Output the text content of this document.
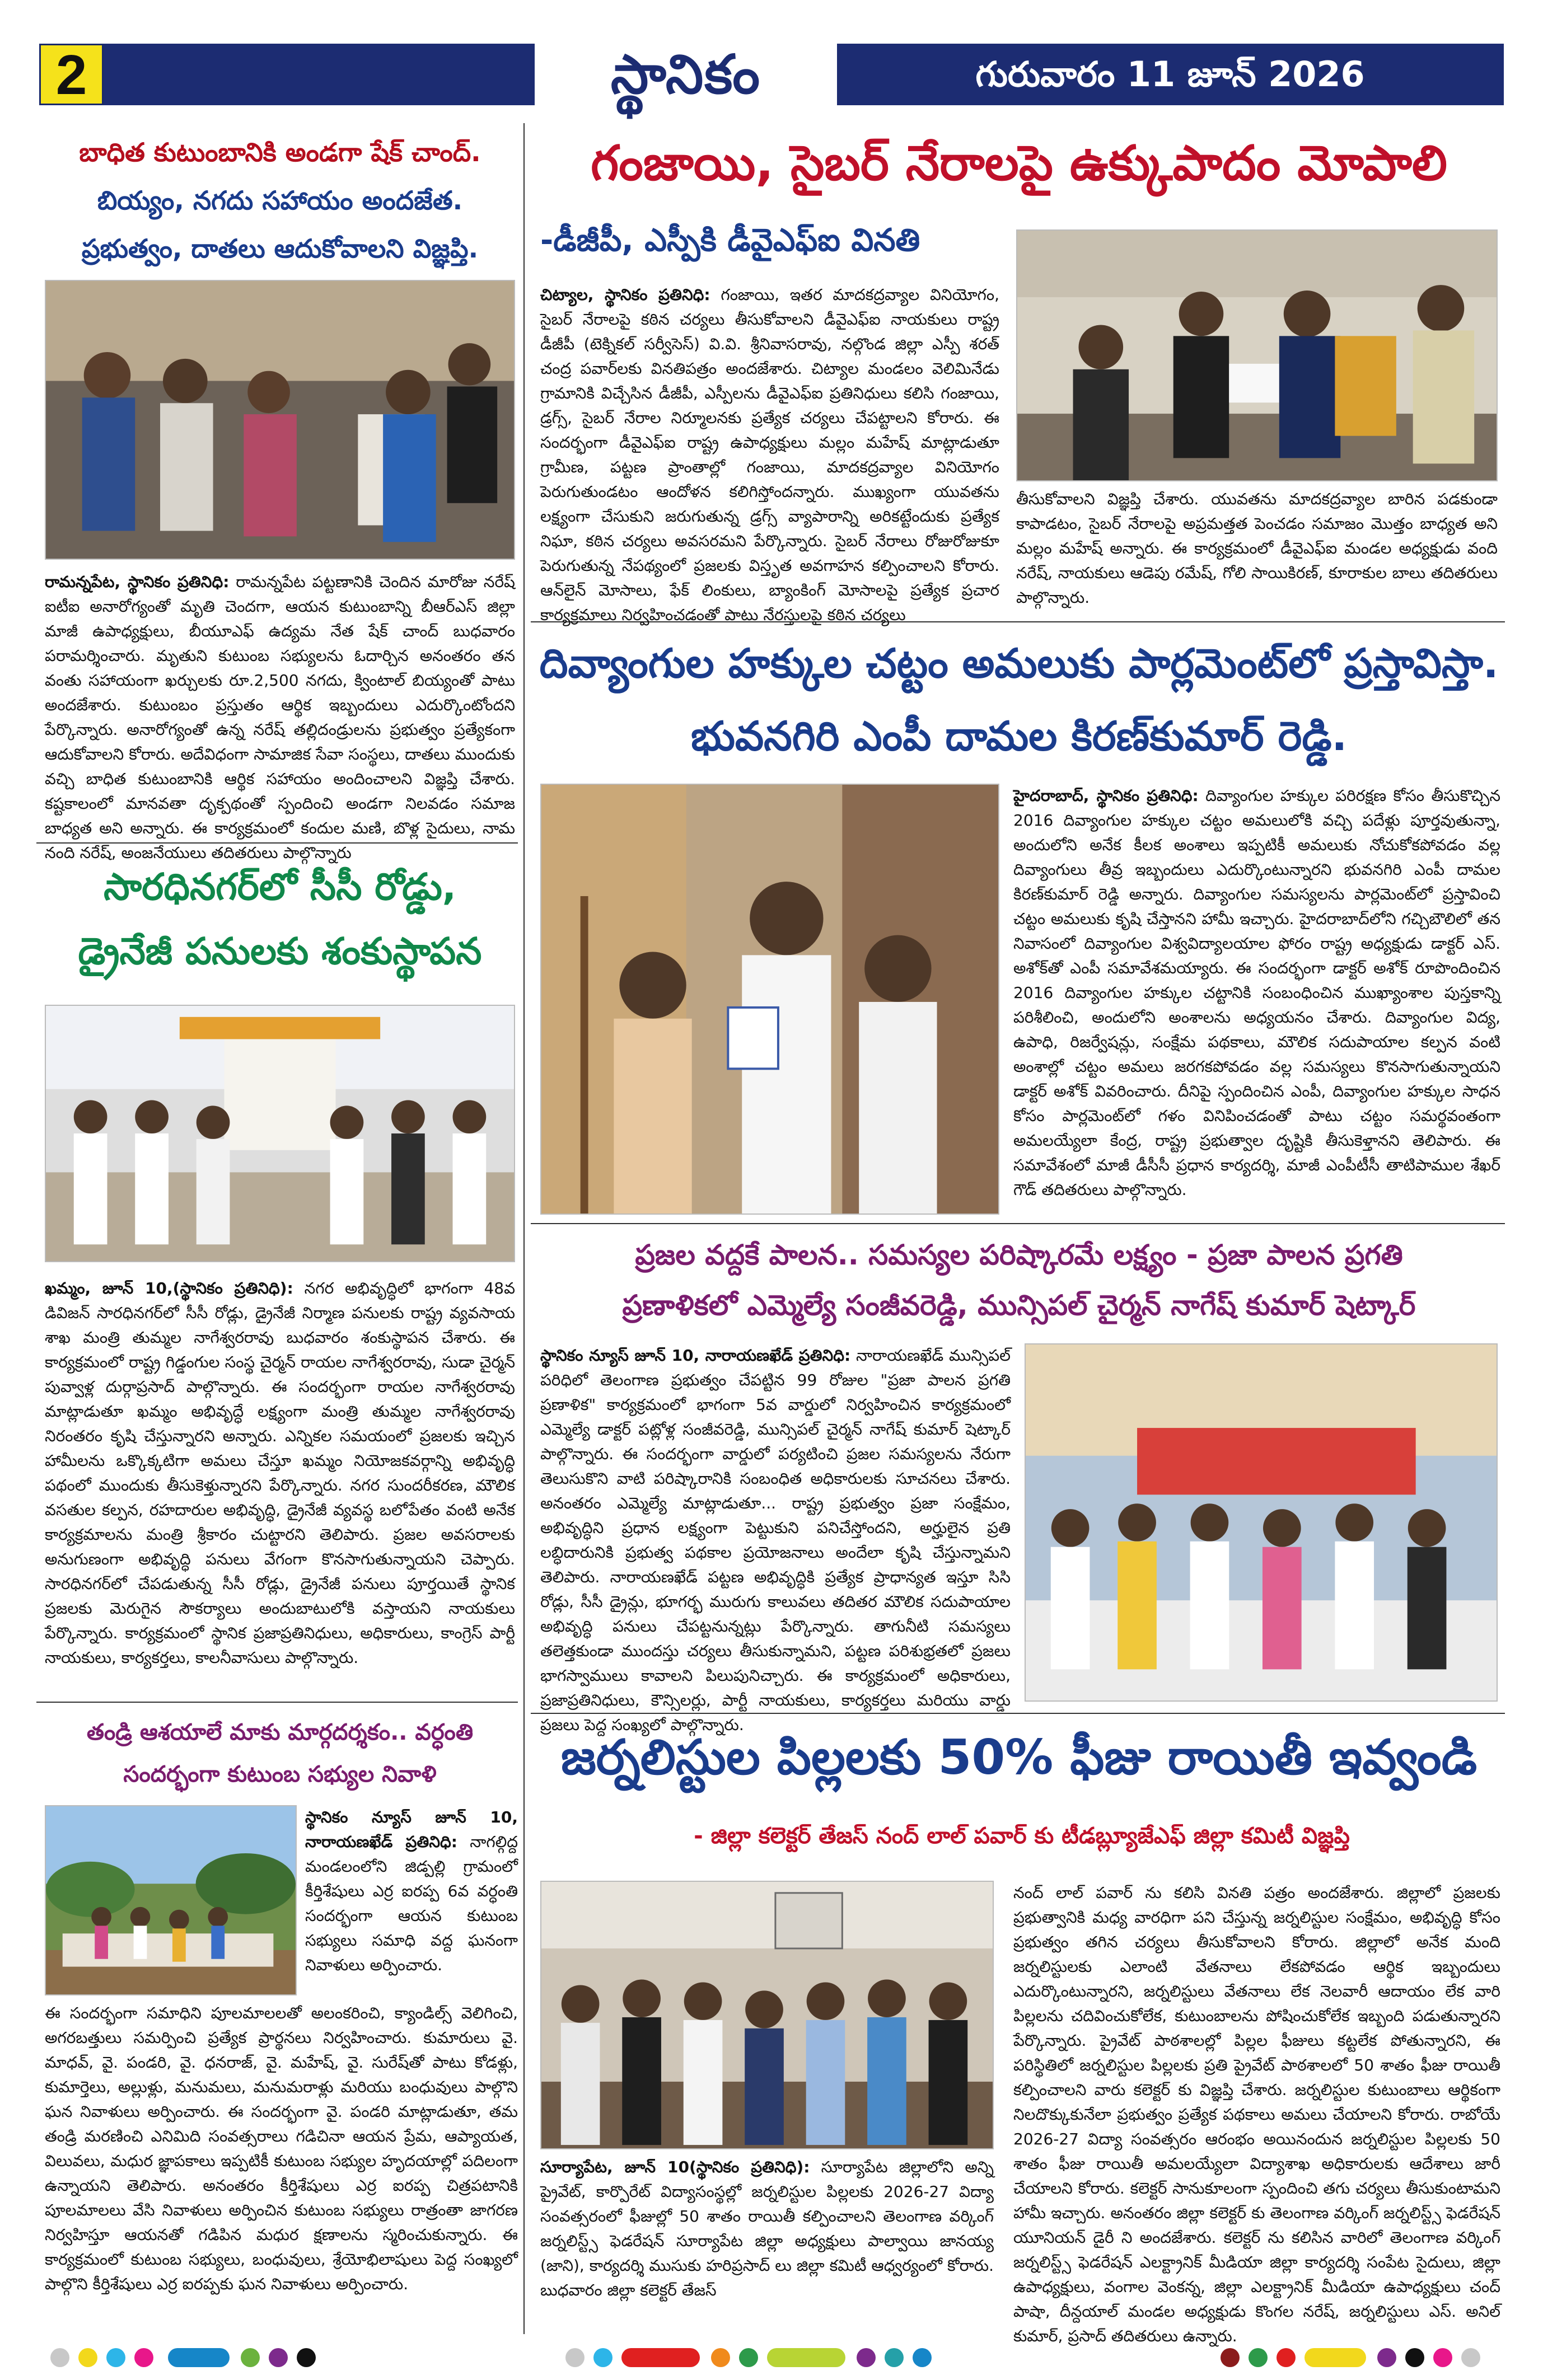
2	స్థానికం	గురువారం 11 జూన్ 2026
బాధిత కుటుంబానికి అండగా షేక్ చాంద్.
బియ్యం, నగదు సహాయం అందజేత.
ప్రభుత్వం, దాతలు ఆదుకోవాలని విజ్ఞప్తి.
రామన్నపేట, స్థానికం ప్రతినిధి: రామన్నపేట పట్టణానికి చెందిన మారోజు నరేష్ ఐటీఐ అనారోగ్యంతో మృతి చెందగా, ఆయన కుటుంబాన్ని బీఆర్ఎస్ జిల్లా మాజీ ఉపాధ్యక్షులు, బీయూఎఫ్ ఉద్యమ నేత షేక్ చాంద్ బుధవారం పరామర్శించారు. మృతుని కుటుంబ సభ్యులను ఓదార్చిన అనంతరం తన వంతు సహాయంగా ఖర్చులకు రూ.2,500 నగదు, క్వింటాల్ బియ్యంతో పాటు అందజేశారు. కుటుంబం ప్రస్తుతం ఆర్థిక ఇబ్బందులు ఎదుర్కొంటోందని పేర్కొన్నారు. అనారోగ్యంతో ఉన్న నరేష్ తల్లిదండ్రులను ప్రభుత్వం ప్రత్యేకంగా ఆదుకోవాలని కోరారు. అదేవిధంగా సామాజిక సేవా సంస్థలు, దాతలు ముందుకు వచ్చి బాధిత కుటుంబానికి ఆర్థిక సహాయం అందించాలని విజ్ఞప్తి చేశారు. కష్టకాలంలో మానవతా దృక్పథంతో స్పందించి అండగా నిలవడం సమాజ బాధ్యత అని అన్నారు. ఈ కార్యక్రమంలో కందుల మణి, బొళ్ల సైదులు, నామ నంది నరేష్, అంజనేయులు తదితరులు పాల్గొన్నారు
సారధినగర్‌లో సీసీ రోడ్డు,
డ్రైనేజీ పనులకు శంకుస్థాపన
ఖమ్మం, జూన్ 10,(స్థానికం ప్రతినిధి): నగర అభివృద్ధిలో భాగంగా 48వ డివిజన్ సారధినగర్‌లో సీసీ రోడ్లు, డ్రైనేజీ నిర్మాణ పనులకు రాష్ట్ర వ్యవసాయ శాఖ మంత్రి తుమ్మల నాగేశ్వరరావు బుధవారం శంకుస్థాపన చేశారు. ఈ కార్యక్రమంలో రాష్ట్ర గిడ్డంగుల సంస్థ చైర్మన్ రాయల నాగేశ్వరరావు, సుడా చైర్మన్ పువ్వాళ్ల దుర్గాప్రసాద్ పాల్గొన్నారు. ఈ సందర్భంగా రాయల నాగేశ్వరరావు మాట్లాడుతూ ఖమ్మం అభివృద్ధే లక్ష్యంగా మంత్రి తుమ్మల నాగేశ్వరరావు నిరంతరం కృషి చేస్తున్నారని అన్నారు. ఎన్నికల సమయంలో ప్రజలకు ఇచ్చిన హామీలను ఒక్కొక్కటిగా అమలు చేస్తూ ఖమ్మం నియోజకవర్గాన్ని అభివృద్ధి పథంలో ముందుకు తీసుకెళ్తున్నారని పేర్కొన్నారు. నగర సుందరీకరణ, మౌలిక వసతుల కల్పన, రహదారుల అభివృద్ధి, డ్రైనేజీ వ్యవస్థ బలోపేతం వంటి అనేక కార్యక్రమాలను మంత్రి శ్రీకారం చుట్టారని తెలిపారు. ప్రజల అవసరాలకు అనుగుణంగా అభివృద్ధి పనులు వేగంగా కొనసాగుతున్నాయని చెప్పారు. సారధినగర్‌లో చేపడుతున్న సీసీ రోడ్లు, డ్రైనేజీ పనులు పూర్తయితే స్థానిక ప్రజలకు మెరుగైన సౌకర్యాలు అందుబాటులోకి వస్తాయని నాయకులు పేర్కొన్నారు. కార్యక్రమంలో స్థానిక ప్రజాప్రతినిధులు, అధికారులు, కాంగ్రెస్ పార్టీ నాయకులు, కార్యకర్తలు, కాలనీవాసులు పాల్గొన్నారు.
తండ్రి ఆశయాలే మాకు మార్గదర్శకం.. వర్ధంతి
సందర్భంగా కుటుంబ సభ్యుల నివాళి
స్థానికం న్యూస్ జూన్ 10, నారాయణఖేడ్ ప్రతినిధి: నాగల్గిద్ద మండలంలోని జిడ్పల్లి గ్రామంలో కీర్తిశేషులు ఎర్ర ఐరప్ప 6వ వర్ధంతి సందర్భంగా ఆయన కుటుంబ సభ్యులు సమాధి వద్ద ఘనంగా నివాళులు అర్పించారు.
ఈ సందర్భంగా సమాధిని పూలమాలలతో అలంకరించి, క్యాండిల్స్ వెలిగించి, అగరబత్తులు సమర్పించి ప్రత్యేక ప్రార్థనలు నిర్వహించారు. కుమారులు వై. మాధవ్, వై. పండరి, వై. ధనరాజ్, వై. మహేష్, వై. సురేష్‌తో పాటు కోడళ్లు, కుమార్తెలు, అల్లుళ్లు, మనుమలు, మనుమరాళ్లు మరియు బంధువులు పాల్గొని ఘన నివాళులు అర్పించారు. ఈ సందర్భంగా వై. పండరి మాట్లాడుతూ, తమ తండ్రి మరణించి ఎనిమిది సంవత్సరాలు గడిచినా ఆయన ప్రేమ, ఆప్యాయత, విలువలు, మధుర జ్ఞాపకాలు ఇప్పటికీ కుటుంబ సభ్యుల హృదయాల్లో పదిలంగా ఉన్నాయని తెలిపారు. అనంతరం కీర్తిశేషులు ఎర్ర ఐరప్ప చిత్రపటానికి పూలమాలలు వేసి నివాళులు అర్పించిన కుటుంబ సభ్యులు రాత్రంతా జాగరణ నిర్వహిస్తూ ఆయనతో గడిపిన మధుర క్షణాలను స్మరించుకున్నారు. ఈ కార్యక్రమంలో కుటుంబ సభ్యులు, బంధువులు, శ్రేయోభిలాషులు పెద్ద సంఖ్యలో పాల్గొని కీర్తిశేషులు ఎర్ర ఐరప్పకు ఘన నివాళులు అర్పించారు.
గంజాయి, సైబర్ నేరాలపై ఉక్కుపాదం మోపాలి
-డీజీపీ, ఎస్పీకి డీవైఎఫ్ఐ వినతి
చిట్యాల, స్థానికం ప్రతినిధి: గంజాయి, ఇతర మాదకద్రవ్యాల వినియోగం, సైబర్ నేరాలపై కఠిన చర్యలు తీసుకోవాలని డీవైఎఫ్ఐ నాయకులు రాష్ట్ర డీజీపీ (టెక్నికల్ సర్వీసెస్) వి.వి. శ్రీనివాసరావు, నల్గొండ జిల్లా ఎస్పీ శరత్ చంద్ర పవార్‌లకు వినతిపత్రం అందజేశారు. చిట్యాల మండలం వెలిమినేడు గ్రామానికి విచ్చేసిన డీజీపీ, ఎస్పీలను డీవైఎఫ్ఐ ప్రతినిధులు కలిసి గంజాయి, డ్రగ్స్, సైబర్ నేరాల నిర్మూలనకు ప్రత్యేక చర్యలు చేపట్టాలని కోరారు. ఈ సందర్భంగా డీవైఎఫ్ఐ రాష్ట్ర ఉపాధ్యక్షులు మల్లం మహేష్ మాట్లాడుతూ గ్రామీణ, పట్టణ ప్రాంతాల్లో గంజాయి, మాదకద్రవ్యాల వినియోగం పెరుగుతుండటం ఆందోళన కలిగిస్తోందన్నారు. ముఖ్యంగా యువతను లక్ష్యంగా చేసుకుని జరుగుతున్న డ్రగ్స్ వ్యాపారాన్ని అరికట్టేందుకు ప్రత్యేక నిఘా, కఠిన చర్యలు అవసరమని పేర్కొన్నారు. సైబర్ నేరాలు రోజురోజుకూ పెరుగుతున్న నేపథ్యంలో ప్రజలకు విస్తృత అవగాహన కల్పించాలని కోరారు. ఆన్‌లైన్ మోసాలు, ఫేక్ లింకులు, బ్యాంకింగ్ మోసాలపై ప్రత్యేక ప్రచార కార్యక్రమాలు నిర్వహించడంతో పాటు నేరస్తులపై కఠిన చర్యలు
తీసుకోవాలని విజ్ఞప్తి చేశారు. యువతను మాదకద్రవ్యాల బారిన పడకుండా కాపాడటం, సైబర్ నేరాలపై అప్రమత్తత పెంచడం సమాజం మొత్తం బాధ్యత అని మల్లం మహేష్ అన్నారు. ఈ కార్యక్రమంలో డీవైఎఫ్ఐ మండల అధ్యక్షుడు వంది నరేష్, నాయకులు ఆడెపు రమేష్, గోలి సాయికిరణ్, కూరాకుల బాలు తదితరులు పాల్గొన్నారు.
దివ్యాంగుల హక్కుల చట్టం అమలుకు పార్లమెంట్‌లో ప్రస్తావిస్తా.
భువనగిరి ఎంపీ దామల కిరణ్‌కుమార్ రెడ్డి.
హైదరాబాద్, స్థానికం ప్రతినిధి: దివ్యాంగుల హక్కుల పరిరక్షణ కోసం తీసుకొచ్చిన 2016 దివ్యాంగుల హక్కుల చట్టం అమలులోకి వచ్చి పదేళ్లు పూర్తవుతున్నా, అందులోని అనేక కీలక అంశాలు ఇప్పటికీ అమలుకు నోచుకోకపోవడం వల్ల దివ్యాంగులు తీవ్ర ఇబ్బందులు ఎదుర్కొంటున్నారని భువనగిరి ఎంపీ దామల కిరణ్‌కుమార్ రెడ్డి అన్నారు. దివ్యాంగుల సమస్యలను పార్లమెంట్‌లో ప్రస్తావించి చట్టం అమలుకు కృషి చేస్తానని హామీ ఇచ్చారు. హైదరాబాద్‌లోని గచ్చిబౌలిలో తన నివాసంలో దివ్యాంగుల విశ్వవిద్యాలయాల ఫోరం రాష్ట్ర అధ్యక్షుడు డాక్టర్ ఎస్. అశోక్‌తో ఎంపీ సమావేశమయ్యారు. ఈ సందర్భంగా డాక్టర్ అశోక్ రూపొందించిన 2016 దివ్యాంగుల హక్కుల చట్టానికి సంబంధించిన ముఖ్యాంశాల పుస్తకాన్ని పరిశీలించి, అందులోని అంశాలను అధ్యయనం చేశారు. దివ్యాంగుల విద్య, ఉపాధి, రిజర్వేషన్లు, సంక్షేమ పథకాలు, మౌలిక సదుపాయాల కల్పన వంటి అంశాల్లో చట్టం అమలు జరగకపోవడం వల్ల సమస్యలు కొనసాగుతున్నాయని డాక్టర్ అశోక్ వివరించారు. దీనిపై స్పందించిన ఎంపీ, దివ్యాంగుల హక్కుల సాధన కోసం పార్లమెంట్‌లో గళం వినిపించడంతో పాటు చట్టం సమర్థవంతంగా అమలయ్యేలా కేంద్ర, రాష్ట్ర ప్రభుత్వాల దృష్టికి తీసుకెళ్తానని తెలిపారు. ఈ సమావేశంలో మాజీ డీసీసీ ప్రధాన కార్యదర్శి, మాజీ ఎంపీటీసీ తాటిపాముల శేఖర్ గౌడ్ తదితరులు పాల్గొన్నారు.
ప్రజల వద్దకే పాలన.. సమస్యల పరిష్కారమే లక్ష్యం - ప్రజా పాలన ప్రగతి
ప్రణాళికలో ఎమ్మెల్యే సంజీవరెడ్డి, మున్సిపల్ చైర్మన్ నాగేష్ కుమార్ షెట్కార్
స్థానికం న్యూస్ జూన్ 10, నారాయణఖేడ్ ప్రతినిధి: నారాయణఖేడ్ మున్సిపల్ పరిధిలో తెలంగాణ ప్రభుత్వం చేపట్టిన 99 రోజుల "ప్రజా పాలన ప్రగతి ప్రణాళిక" కార్యక్రమంలో భాగంగా 5వ వార్డులో నిర్వహించిన కార్యక్రమంలో ఎమ్మెల్యే డాక్టర్ పట్లోళ్ల సంజీవరెడ్డి, మున్సిపల్ చైర్మన్ నాగేష్ కుమార్ షెట్కార్ పాల్గొన్నారు. ఈ సందర్భంగా వార్డులో పర్యటించి ప్రజల సమస్యలను నేరుగా తెలుసుకొని వాటి పరిష్కారానికి సంబంధిత అధికారులకు సూచనలు చేశారు. అనంతరం ఎమ్మెల్యే మాట్లాడుతూ... రాష్ట్ర ప్రభుత్వం ప్రజా సంక్షేమం, అభివృద్ధిని ప్రధాన లక్ష్యంగా పెట్టుకుని పనిచేస్తోందని, అర్హులైన ప్రతి లబ్ధిదారునికి ప్రభుత్వ పథకాల ప్రయోజనాలు అందేలా కృషి చేస్తున్నామని తెలిపారు. నారాయణఖేడ్ పట్టణ అభివృద్ధికి ప్రత్యేక ప్రాధాన్యత ఇస్తూ సిసి రోడ్లు, సీసీ డ్రైన్లు, భూగర్భ మురుగు కాలువలు తదితర మౌలిక సదుపాయాల అభివృద్ధి పనులు చేపట్టనున్నట్లు పేర్కొన్నారు. తాగునీటి సమస్యలు తలెత్తకుండా ముందస్తు చర్యలు తీసుకున్నామని, పట్టణ పరిశుభ్రతలో ప్రజలు భాగస్వాములు కావాలని పిలుపునిచ్చారు. ఈ కార్యక్రమంలో అధికారులు, ప్రజాప్రతినిధులు, కౌన్సిలర్లు, పార్టీ నాయకులు, కార్యకర్తలు మరియు వార్డు ప్రజలు పెద్ద సంఖ్యలో పాల్గొన్నారు.
జర్నలిస్టుల పిల్లలకు 50% ఫీజు రాయితీ ఇవ్వండి
- జిల్లా కలెక్టర్ తేజస్ నంద్ లాల్ పవార్ కు టీడబ్ల్యూజేఎఫ్ జిల్లా కమిటీ విజ్ఞప్తి
సూర్యాపేట, జూన్ 10(స్థానికం ప్రతినిధి): సూర్యాపేట జిల్లాలోని అన్ని ప్రైవేట్, కార్పొరేట్ విద్యాసంస్థల్లో జర్నలిస్టుల పిల్లలకు 2026-27 విద్యా సంవత్సరంలో ఫీజుల్లో 50 శాతం రాయితీ కల్పించాలని తెలంగాణ వర్కింగ్ జర్నలిస్ట్స్ ఫెడరేషన్ సూర్యాపేట జిల్లా అధ్యక్షులు పాల్వాయి జానయ్య (జాని), కార్యదర్శి ముసుకు హరిప్రసాద్ లు జిల్లా కమిటీ ఆధ్వర్యంలో కోరారు. బుధవారం జిల్లా కలెక్టర్ తేజస్
నంద్ లాల్ పవార్ ను కలిసి వినతి పత్రం అందజేశారు. జిల్లాలో ప్రజలకు ప్రభుత్వానికి మధ్య వారధిగా పని చేస్తున్న జర్నలిస్టుల సంక్షేమం, అభివృద్ధి కోసం ప్రభుత్వం తగిన చర్యలు తీసుకోవాలని కోరారు. జిల్లాలో అనేక మంది జర్నలిస్టులకు ఎలాంటి వేతనాలు లేకపోవడం ఆర్థిక ఇబ్బందులు ఎదుర్కొంటున్నారని, జర్నలిస్టులు వేతనాలు లేక నెలవారీ ఆదాయం లేక వారి పిల్లలను చదివించుకోలేక, కుటుంబాలను పోషించుకోలేక ఇబ్బంది పడుతున్నారని పేర్కొన్నారు. ప్రైవేట్ పాఠశాలల్లో పిల్లల ఫీజులు కట్టలేక పోతున్నారని, ఈ పరిస్థితిలో జర్నలిస్టుల పిల్లలకు ప్రతి ప్రైవేట్ పాఠశాలలో 50 శాతం ఫీజు రాయితీ కల్పించాలని వారు కలెక్టర్ కు విజ్ఞప్తి చేశారు. జర్నలిస్టుల కుటుంబాలు ఆర్థికంగా నిలదొక్కుకునేలా ప్రభుత్వం ప్రత్యేక పథకాలు అమలు చేయాలని కోరారు. రాబోయే 2026-27 విద్యా సంవత్సరం ఆరంభం అయినందున జర్నలిస్టుల పిల్లలకు 50 శాతం ఫీజు రాయితీ అమలయ్యేలా విద్యాశాఖ అధికారులకు ఆదేశాలు జారీ చేయాలని కోరారు. కలెక్టర్ సానుకూలంగా స్పందించి తగు చర్యలు తీసుకుంటామని హామీ ఇచ్చారు. అనంతరం జిల్లా కలెక్టర్ కు తెలంగాణ వర్కింగ్ జర్నలిస్ట్స్ ఫెడరేషన్ యూనియన్ డైరీ ని అందజేశారు. కలెక్టర్ ను కలిసిన వారిలో తెలంగాణ వర్కింగ్ జర్నలిస్ట్స్ ఫెడరేషన్ ఎలక్ట్రానిక్ మీడియా జిల్లా కార్యదర్శి సంపేట సైదులు, జిల్లా ఉపాధ్యక్షులు, వంగాల వెంకన్న, జిల్లా ఎలక్ట్రానిక్ మీడియా ఉపాధ్యక్షులు చంద్ పాషా, దీన్దయాల్ మండల అధ్యక్షుడు కొంగల నరేష్, జర్నలిస్టులు ఎస్. అనిల్ కుమార్, ప్రసాద్ తదితరులు ఉన్నారు.
